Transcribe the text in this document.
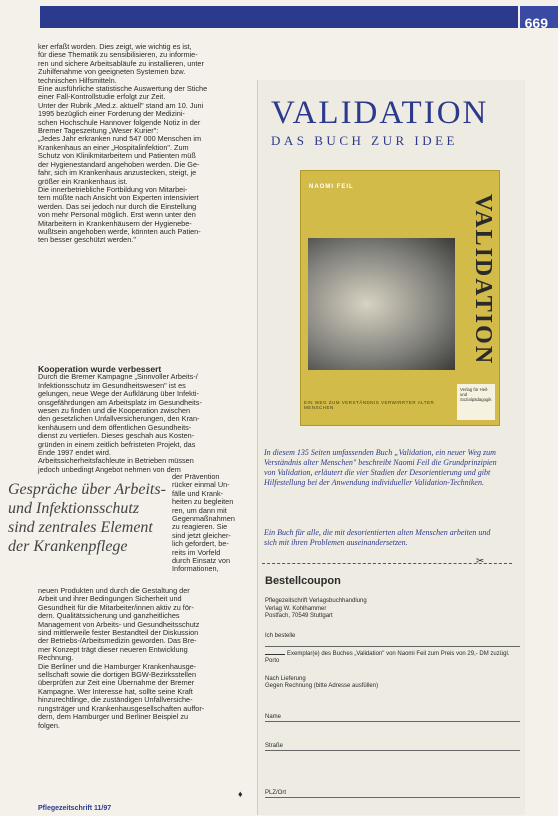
669
ker erfaßt worden. Dies zeigt, wie wichtig es ist,
für diese Thematik zu sensibilisieren, zu informie-
ren und sichere Arbeitsabläufe zu installieren, unter
Zuhilfenahme von geeigneten Systemen bzw.
technischen Hilfsmitteln.
Eine ausführliche statistische Auswertung der Stiche
einer Fall-Kontrollstudie erfolgt zur Zeit.
Unter der Rubrik „Med.z. aktuell" stand am 10. Juni
1995 bezüglich einer Forderung der Medizini-
schen Hochschule Hannover folgende Notiz in der
Bremer Tageszeitung „Weser Kurier":
„Jedes Jahr erkranken rund 547 000 Menschen im
Krankenhaus an einer „Hospitalinfektion". Zum
Schutz von Klinikmitarbeitern und Patienten müß
der Hygienestandard angehoben werden. Die Ge-
fahr, sich im Krankenhaus anzustecken, steigt, je
größer ein Krankenhaus ist.
Die innerbetriebliche Fortbildung von Mitarbei-
tern müßte nach Ansicht von Experten intensiviert
werden. Das sei jedoch nur durch die Einstellung
von mehr Personal möglich. Erst wenn unter den
Mitarbeitern in Krankenhäusern der Hygienebe-
wußtsein angehoben werde, könnten auch Patien-
ten besser geschützt werden."
Kooperation wurde verbessert
Durch die Bremer Kampagne „Sinnvoller Arbeits-/
Infektionsschutz im Gesundheitswesen" ist es
gelungen, neue Wege der Aufklärung über Infekti-
onsgefährdungen am Arbeitsplatz im Gesundheits-
wesen zu finden und die Kooperation zwischen
den gesetzlichen Unfallversicherungen, den Kran-
kenhäusern und dem öffentlichen Gesundheits-
dienst zu vertiefen. Dieses geschah aus Kosten-
gründen in einem zeitlich befristeten Projekt, das
Ende 1997 endet wird.
Arbeitssicherheitsfachleute in Betrieben müssen
jedoch unbedingt Angebot nehmen von dem
Gespräche über Arbeits- und Infektionsschutz sind zentrales Element der Krankenpflege
der Prävention
rücker einmal Un-
fälle und Krank-
heiten zu begleiten
ren, um dann mit
Gegenmaßnahmen
zu reagieren. Sie
sind jetzt gleicher-
lich gefordert, be-
reits im Vorfeld
durch Einsatz von
Informationen,
neuen Produkten und durch die Gestaltung der
Arbeit und ihrer Bedingungen Sicherheit und
Gesundheit für die Mitarbeiter/innen aktiv zu för-
dern. Qualitätssicherung und ganzheitliches
Management von Arbeits- und Gesundheitsschutz
sind mittlerweile fester Bestandteil der Diskussion
der Betriebs-/Arbeitsmedizin geworden. Das Bre-
mer Konzept trägt dieser neueren Entwicklung
Rechnung.
Die Berliner und die Hamburger Krankenhausge-
sellschaft sowie die dortigen BGW-Bezirksstellen
überprüfen zur Zeit eine Übernahme der Bremer
Kampagne. Wer Interesse hat, sollte seine Kraft
hinzurechtlinge, die zuständigen Unfallversiche-
rungsträger und Krankenhausgesellschaften auffor-
dern, dem Hamburger und Berliner Beispiel zu
folgen.
♦
Pflegezeitschrift 11/97
VALIDATION
DAS BUCH ZUR IDEE
NAOMI FEIL
VALIDATION
EIN WEG ZUM VERSTÄNDNIS VERWIRRTER ALTER MENSCHEN
Verlag für Heil- und Sozialpädagogik
In diesem 135 Seiten umfassenden Buch „Validation, ein neuer Weg zum Verständnis alter Menschen" beschreibt Naomi Feil die Grundprinzipien von Validation, erläutert die vier Stadien der Desorientierung und gibt Hilfestellung bei der Anwendung individueller Validation-Techniken.
Ein Buch für alle, die mit desorientierten alten Menschen arbeiten und sich mit ihren Problemen auseinandersetzen.
✂
Bestellcoupon
Pflegezeitschrift Verlagsbuchhandlung
Verlag W. Kohlhammer
Postfach, 70549 Stuttgart
Ich bestelle
Exemplar(e) des Buches „Validation" von Naomi Feil zum Preis von 29,- DM zuzügl. Porto
Nach Lieferung
Gegen Rechnung (bitte Adresse ausfüllen)
Name
Straße
PLZ/Ort
